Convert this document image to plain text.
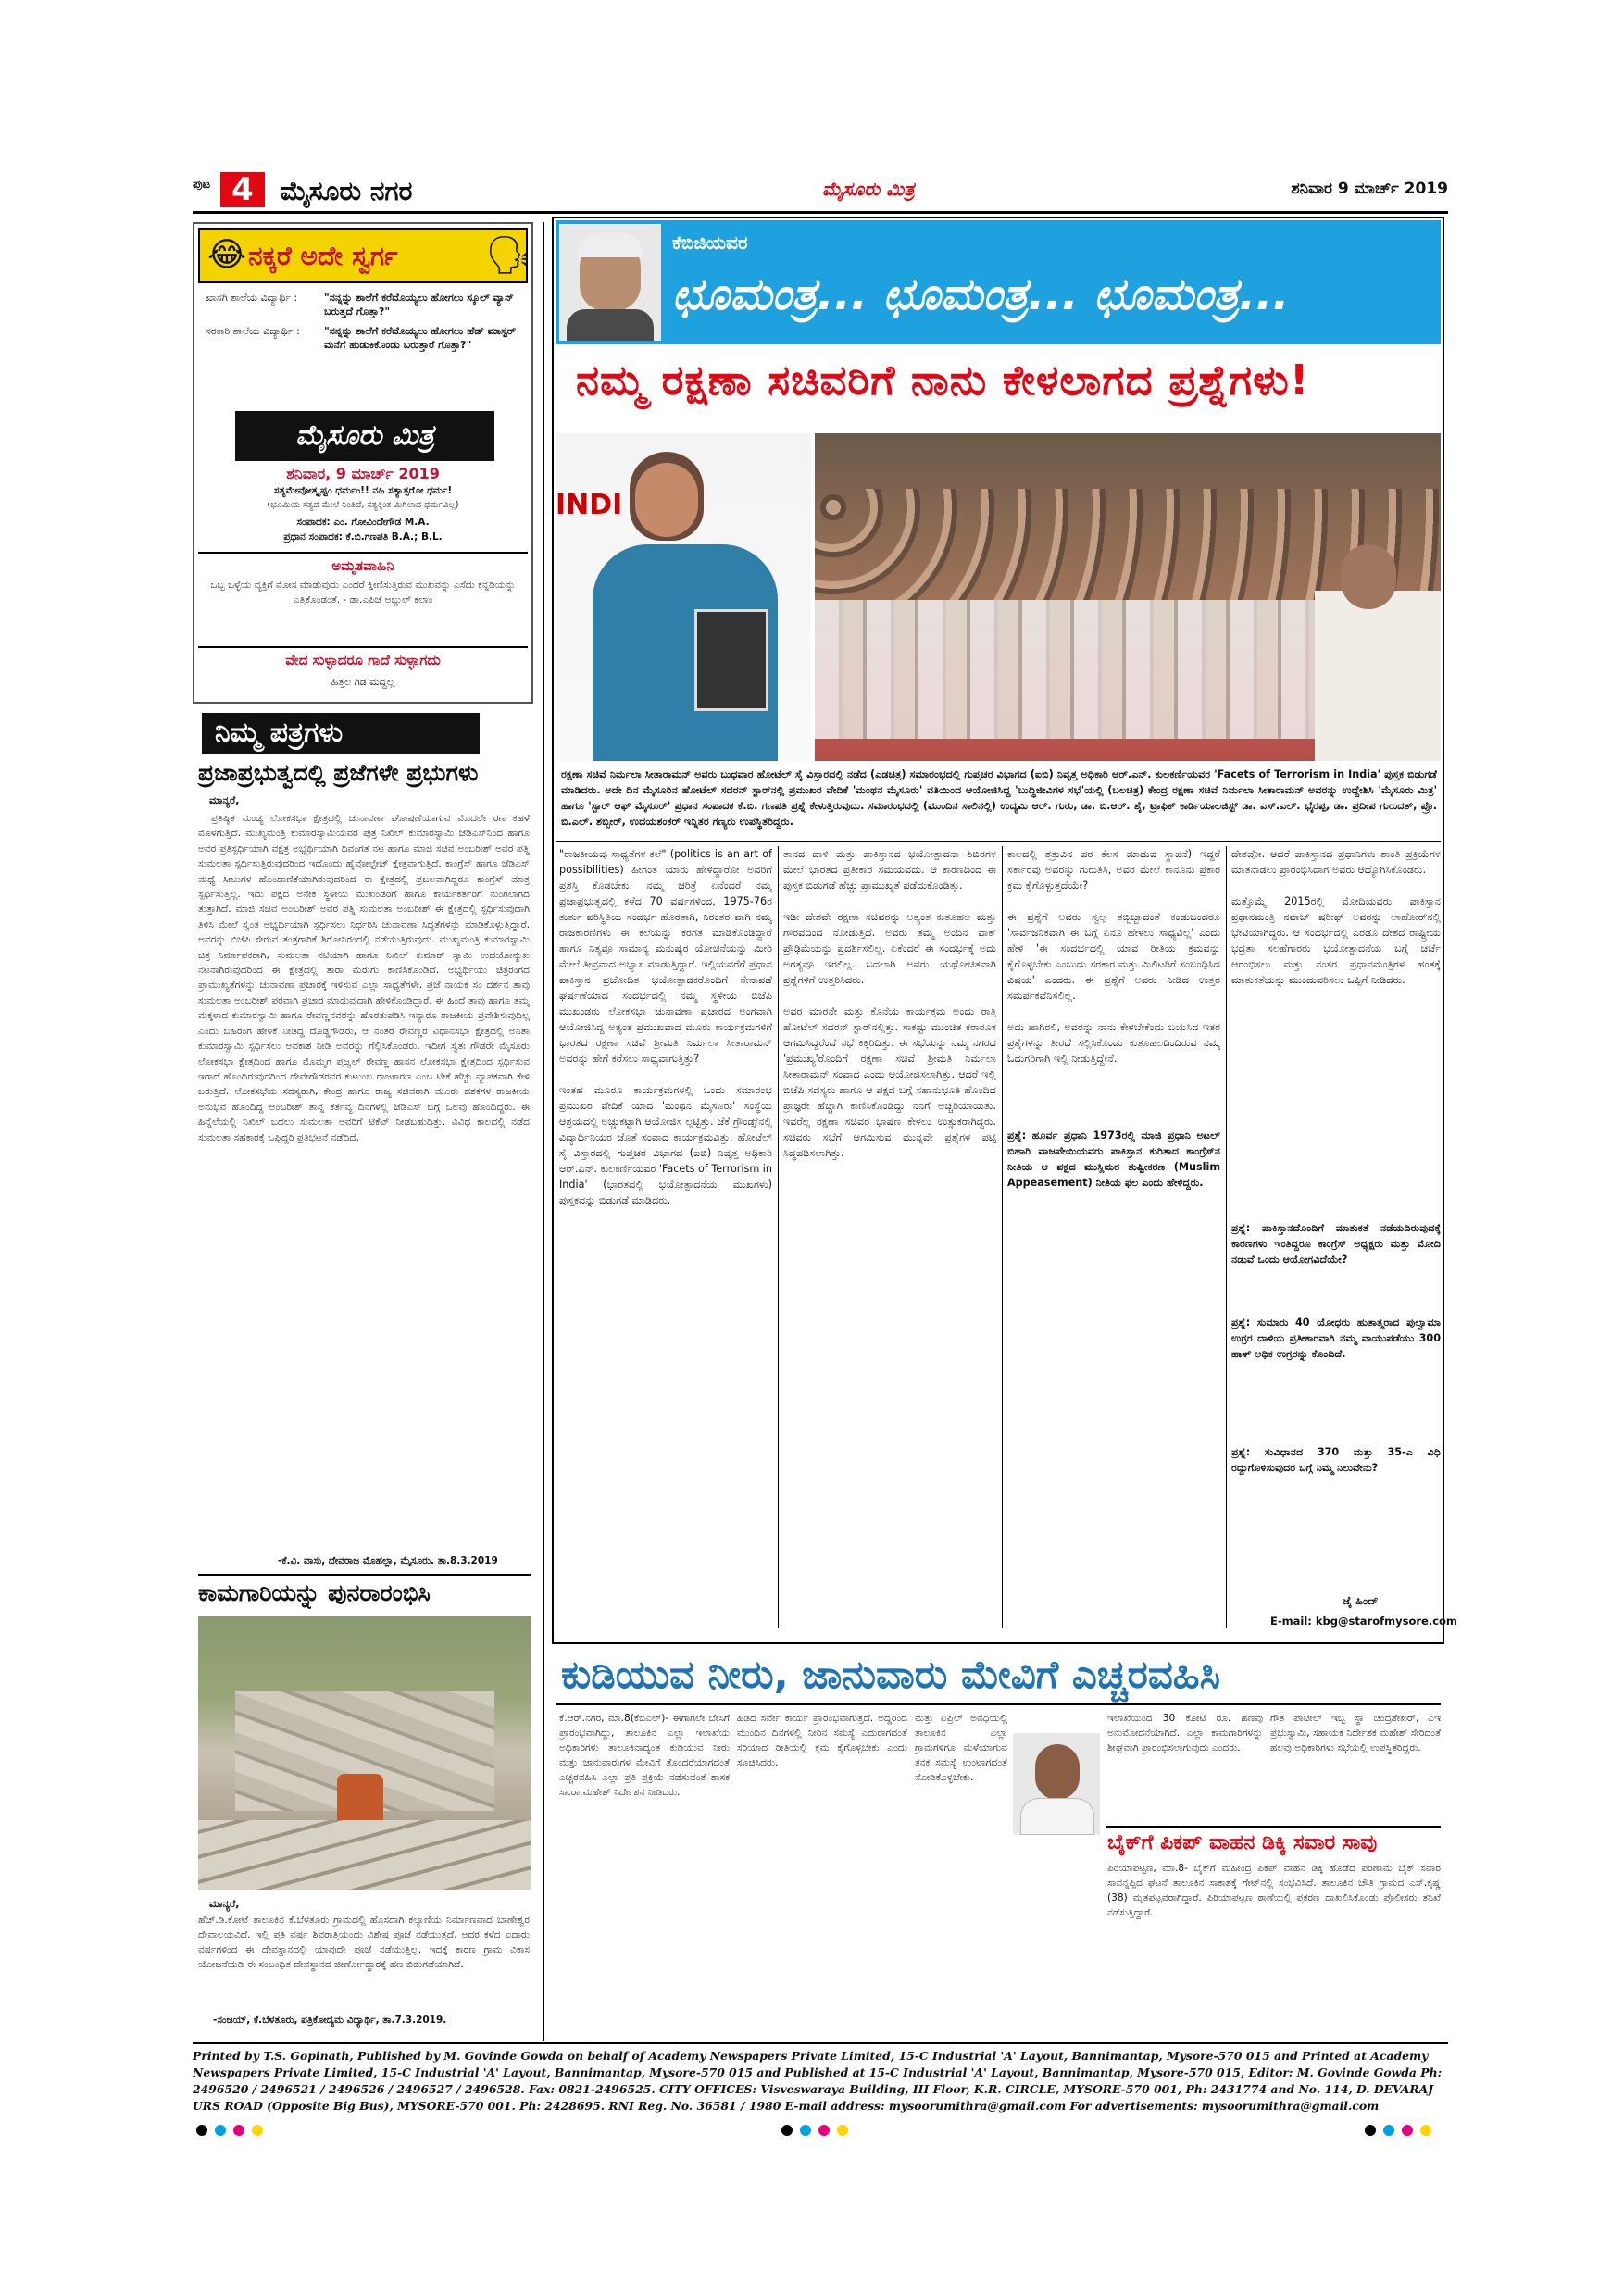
ಪುಟ 4	ಮೈಸೂರು ನಗರ	ಮೈಸೂರು ಮಿತ್ರ	ಶನಿವಾರ 9 ಮಾರ್ಚ್ 2019
😂 ನಕ್ಕರೆ ಅದೇ ಸ್ವರ್ಗ 🗣
ಖಾಸಗಿ ಶಾಲೆಯ ವಿದ್ಯಾರ್ಥಿ :	"ನನ್ನನ್ನು ಶಾಲೆಗೆ ಕರೆದೊಯ್ಯಲು ಹೋಗಲು ಸ್ಕೂಲ್ ವ್ಯಾನ್ ಬರುತ್ತದೆ ಗೊತ್ತಾ?"
ಸರಕಾರಿ ಶಾಲೆಯ ವಿದ್ಯಾರ್ಥಿ :	"ನನ್ನನ್ನು ಶಾಲೆಗೆ ಕರೆದೊಯ್ಯಲು ಹೋಗಲು ಹೆಡ್ ಮಾಸ್ಟರ್ ಮನೆಗೆ ಹುಡುಕಿಕೊಂಡು ಬರುತ್ತಾರೆ ಗೊತ್ತಾ?"
ಮೈಸೂರು ಮಿತ್ರ
ಶನಿವಾರ, 9 ಮಾರ್ಚ್ 2019
ಸತ್ಯಮೇವೋತ್ಕೃಷ್ಟಂ ಧರ್ಮಂ!! ನಹಿ ಸತ್ಯಾತ್ಪರೋ ಧರ್ಮ!
(ಭೂಮಿಯ ಸತ್ಯದ ಮೇಲೆ ನಿಂತಿದೆ, ಸತ್ಯಕ್ಕಿಂತ ಮಿಗಿಲಾದ ಧರ್ಮವಿಲ್ಲ)
ಸಂಪಾದಕ: ಎಂ. ಗೋವಿಂದೇಗೌಡ M.A.
ಪ್ರಧಾನ ಸಂಪಾದಕ: ಕೆ.ಬಿ.ಗಣಪತಿ B.A.; B.L.
ಅಮೃತವಾಹಿನಿ
ಒಬ್ಬ ಒಳ್ಳೆಯ ವ್ಯಕ್ತಿಗೆ ಮೋಸ ಮಾಡುವುದು ಎಂದರೆ ಕ್ಷೀಣಿಸುತ್ತಿರುವ ಮುಖವನ್ನು ಎಸೆದು ಕನ್ನಡಿಯನ್ನು ಎತ್ತಿಕೊಂಡಂತೆ. - ಡಾ.ಎಪಿಜೆ ಅಬ್ದುಲ್ ಕಲಾಂ
ವೇದ ಸುಳ್ಳಾದರೂ ಗಾದೆ ಸುಳ್ಳಾಗದು
ಹಿತ್ತಲ ಗಿಡ ಮದ್ದಲ್ಲ
ನಿಮ್ಮ ಪತ್ರಗಳು
ಪ್ರಜಾಪ್ರಭುತ್ವದಲ್ಲಿ ಪ್ರಜೆಗಳೇ ಪ್ರಭುಗಳು
ಮಾನ್ಯರೆ,
ಪ್ರತಿಷ್ಠಿತ ಮಂಡ್ಯ ಲೋಕಸಭಾ ಕ್ಷೇತ್ರದಲ್ಲಿ ಚುನಾವಣಾ ಘೋಷಣೆಯಾಗುವ ಮೊದಲೇ ರಣ ಕಹಳೆ ಮೊಳಗುತ್ತಿದೆ. ಮುಖ್ಯಮಂತ್ರಿ ಕುಮಾರಸ್ವಾಮಿಯವರ ಪುತ್ರ ನಿಖಿಲ್ ಕುಮಾರಸ್ವಾಮಿ ಜೆಡಿಎಸ್‌ನಿಂದ ಹಾಗೂ ಅವರ ಪ್ರತಿಸ್ಪರ್ಧಿಯಾಗಿ ವಕ್ಷತ್ರ ಅಭ್ಯರ್ಥಿಯಾಗಿ ದಿವಂಗತ ನಟ ಹಾಗೂ ಮಾಜಿ ಸಚಿವ ಅಂಬರೀಶ್ ಅವರ ಪತ್ನಿ ಸುಮಲತಾ ಸ್ಪರ್ಧಿಸುತ್ತಿರುವುದರಿಂದ ಇದೊಂದು ಹೈವೋಲ್ಟೇಜ್ ಕ್ಷೇತ್ರವಾಗುತ್ತಿದೆ. ಕಾಂಗ್ರೆಸ್ ಹಾಗೂ ಜೆಡಿಎಸ್ ಮಧ್ಯೆ ಸೀಟುಗಳ ಹೊಂದಾಣಿಕೆಯಾಗಿರುವುದರಿಂದ ಈ ಕ್ಷೇತ್ರದಲ್ಲಿ ಪ್ರಬಲವಾಗಿದ್ದರೂ ಕಾಂಗ್ರೆಸ್ ಮಾತ್ರ ಸ್ಪರ್ಧಿಸುತ್ತಿಲ್ಲ. ಇದು ಪಕ್ಷದ ಅನೇಕ ಸ್ಥಳೀಯ ಮುಖಂಡರಿಗೆ ಹಾಗೂ ಕಾರ್ಯಕರ್ತರಿಗೆ ನುಂಗಲಾಗದ ತುತ್ತಾಗಿದೆ. ಮಾಜಿ ಸಚಿವ ಅಂಬರೀಶ್ ಅವರ ಪತ್ನಿ ಸುಮಲತಾ ಅಂಬರೀಶ್ ಈ ಕ್ಷೇತ್ರದಲ್ಲಿ ಸ್ಪರ್ಧಿಸುವುದಾಗಿ ತಿಳಿಸಿ ಮೇಲೆ ಸ್ವಂತ ಅಭ್ಯರ್ಥಿಯಾಗಿ ಸ್ಪರ್ಧಿಸಲು ನಿರ್ಧರಿಸಿ ಚುನಾವಣಾ ಸಿದ್ಧತೆಗಳನ್ನು ಮಾಡಿಕೊಳ್ಳುತ್ತಿದ್ದಾರೆ. ಅವರನ್ನು ಬಿಜೆಪಿ ಸೇರುವ ತಂತ್ರಗಾರಿಕೆ ಶಿರೋನಿರಂದಲ್ಲಿ ನಡೆಯುತ್ತಿರುವುದು. ಮುಖ್ಯಮಂತ್ರಿ ಕುಮಾರಸ್ವಾಮಿ ಚಿತ್ರ ನಿರ್ಮಾಪಕರಾಗಿ, ಸುಮಲತಾ ನಟಿಯಾಗಿ ಹಾಗೂ ನಿಖಿಲ್ ಕುಮಾರ್ ಸ್ವಾಮಿ ಉದಯೋನ್ಮುಖ ನಟನಾಗಿರುವುದರಿಂದ ಈ ಕ್ಷೇತ್ರದಲ್ಲಿ ತಾರಾ ಮೆರುಗು ಕಾಣಿಸಿಕೊಂಡಿದೆ. ಅಭ್ಯರ್ಥಿಯು ಚಿತ್ರರಂಗದ ಪ್ರಾಮುಖ್ಯತೆಗಳನ್ನು ಚುನಾವಣಾ ಪ್ರಚಾರಕ್ಕೆ ಇಳಿಸುವ ಎಲ್ಲಾ ಸಾಧ್ಯತೆಗಳೇ. ಪ್ರಜೆ ನಾಯಕ ಸಂ ದರ್ಶನ ತಾವು ಸುಮಲತಾ ಅಂಬರೀಶ್ ಪರವಾಗಿ ಪ್ರಚಾರ ಮಾಡುವುದಾಗಿ ಹೇಳಿಕೊಂಡಿದ್ದಾರೆ. ಈ ಹಿಂದೆ ತಾವು ಹಾಗೂ ತಮ್ಮ ಮಕ್ಕಳಾದ ಕುಮಾರಸ್ವಾಮಿ ಹಾಗೂ ರೇವಣ್ಣನವರನ್ನು ಹೊರತುಪಡಿಸಿ ಇನ್ಯಾರೂ ರಾಜಕೀಯ ಪ್ರವೇಶಿಸುವುದಿಲ್ಲ ಎಂದು ಬಹಿರಂಗ ಹೇಳಿಕೆ ನೀಡಿದ್ದ ದೊಡ್ಡಗೌಡರು, ಆ ನಂತರ ರೇವಣ್ಣರ ವಿಧಾನಸಭಾ ಕ್ಷೇತ್ರದಲ್ಲಿ ಅನಿತಾ ಕುಮಾರಸ್ವಾಮಿ ಸ್ಪರ್ಧಿಸಲು ಅವಕಾಶ ನೀಡಿ ಅವರನ್ನು ಗೆಲ್ಲಿಸಿಕೊಂಡರು. ಇದೀಗ ಸ್ವತಃ ಗೌಡರೇ ಮೈಸೂರು ಲೋಕಸಭಾ ಕ್ಷೇತ್ರದಿಂದ ಹಾಗೂ ಮೊಮ್ಮಗ ಪ್ರಜ್ವಲ್ ರೇವಣ್ಣ ಹಾಸನ ಲೋಕಸಭಾ ಕ್ಷೇತ್ರದಿಂದ ಸ್ಪರ್ಧಿಸುವ ಇರಾದೆ ಹೊಂದಿರುವುದರಿಂದ ದೇವೇಗೌಡರವರ ಕುಟುಂಬ ರಾಜಕಾರಣ ಎಂಬ ಟೀಕೆ ಹೆಚ್ಚು ವ್ಯಾಪಕವಾಗಿ ಕೇಳಿ ಬರುತ್ತಿದೆ. ಲೋಕಸಭೆಯ ಸದಸ್ಯರಾಗಿ, ಕೇಂದ್ರ ಹಾಗೂ ರಾಜ್ಯ ಸಚಿವರಾಗಿ ಮೂರು ದಶಕಗಳ ರಾಜಕೀಯ ಅನುಭವ ಹೊಂದಿದ್ದ ಅಂಬರೀಶ್ ತಾನ್ನ ಕರ್ತವ್ಯ ದಿನಗಳಲ್ಲಿ ಜೆಡಿಎಸ್ ಬಗ್ಗೆ ಒಲವು ಹೊಂದಿದ್ದರು. ಈ ಹಿನ್ನೆಲೆಯಲ್ಲಿ ನಿಖಿಲ್ ಬದಲು ಸುಮಲತಾ ಅವರಿಗೆ ಟಿಕೆಟ್ ನೀಡಬಹುದಿತ್ತು. ವಿವಿಧ ಕಾಲದಲ್ಲಿ ನಡೆದ ಸುಮಲತಾ ಸಹಕಾರಕ್ಕೆ ಒಪ್ಪಿದ್ದರಿ ಪ್ರತಿಭಟನೆ ನಡೆದಿದೆ.
-ಕೆ.ವಿ. ವಾಸು, ದೇವರಾಜ ಮೊಹಲ್ಲಾ, ಮೈಸೂರು. ತಾ.8.3.2019
ಕಾಮಗಾರಿಯನ್ನು ಪುನರಾರಂಭಿಸಿ
ಮಾನ್ಯರೆ,
ಹೆಚ್.ಡಿ.ಕೋಟೆ ತಾಲೂಕಿನ ಕೆ.ಬೆಳತೂರು ಗ್ರಾಮದಲ್ಲಿ ಹೊಸದಾಗಿ ಕಲ್ಯಾಣಿಯ ನಿರ್ಮಾಣವಾದ ಬಾಣೇಶ್ವರ ದೇವಾಲಯವಿದೆ. ಇಲ್ಲಿ ಪ್ರತಿ ವರ್ಷ ಶಿವರಾತ್ರಿಯಂದು ವಿಶೇಷ ಪೂಜೆ ನಡೆಯುತ್ತದೆ. ಅದರ ಕಳೆದ ಐದಾರು ವರ್ಷಗಳಿಂದ ಈ ದೇವಸ್ಥಾನದಲ್ಲಿ ಯಾವುದೇ ಪೂಜೆ ನಡೆಯುತ್ತಿಲ್ಲ. ಇದಕ್ಕೆ ಕಾರಣ ಗ್ರಾಮ ವಿಕಾಸ ಯೋಜನೆಯಡಿ ಈ ಸಂಬಂಧಿತ ದೇವಸ್ಥಾನದ ಜೀರ್ಣೋದ್ಧಾರಕ್ಕೆ ಹಣ ಬಿಡುಗಡೆಯಾಗಿದೆ.
-ಸಂಜಯ್, ಕೆ.ಬೆಳತೂರು, ಪತ್ರಿಕೋದ್ಯಮ ವಿದ್ಯಾರ್ಥಿ, ತಾ.7.3.2019.
ಕೆಬಿಜಿಯವರ
ಛೂಮಂತ್ರ... ಛೂಮಂತ್ರ... ಛೂಮಂತ್ರ...
ನಮ್ಮ ರಕ್ಷಣಾ ಸಚಿವರಿಗೆ ನಾನು ಕೇಳಲಾಗದ ಪ್ರಶ್ನೆಗಳು!
INDI
ರಕ್ಷಣಾ ಸಚಿವೆ ನಿರ್ಮಲಾ ಸೀತಾರಾಮನ್ ಅವರು ಬುಧವಾರ ಹೋಟೆಲ್ ಸೈ ವಿಸ್ತಾರದಲ್ಲಿ ನಡೆದ (ಎಡಚಿತ್ರ) ಸಮಾರಂಭದಲ್ಲಿ ಗುಪ್ತಚರ ವಿಭಾಗದ (ಐಬಿ) ನಿವೃತ್ತ ಅಧಿಕಾರಿ ಆರ್.ಎನ್. ಕುಲಕರ್ಣಿಯವರ 'Facets of Terrorism in India' ಪುಸ್ತಕ ಬಿಡುಗಡೆ ಮಾಡಿದರು. ಅದೇ ದಿನ ಮೈಸೂರಿನ ಹೋಟೆಲ್ ಸದರನ್ ಸ್ಟಾರ್‌ನಲ್ಲಿ ಪ್ರಮುಖರ ವೇದಿಕೆ 'ಮಂಥನ ಮೈಸೂರು' ವತಿಯಿಂದ ಆಯೋಜಿಸಿದ್ದ 'ಬುದ್ಧಿಜೀವಿಗಳ ಸಭೆ'ಯಲ್ಲಿ (ಬಲಚಿತ್ರ) ಕೇಂದ್ರ ರಕ್ಷಣಾ ಸಚಿವೆ ನಿರ್ಮಲಾ ಸೀತಾರಾಮನ್ ಅವರನ್ನು ಉದ್ದೇಶಿಸಿ 'ಮೈಸೂರು ಮಿತ್ರ' ಹಾಗೂ 'ಸ್ಟಾರ್ ಆಫ್ ಮೈಸೂರ್' ಪ್ರಧಾನ ಸಂಪಾದಕ ಕೆ.ಬಿ. ಗಣಪತಿ ಪ್ರಶ್ನೆ ಕೇಳುತ್ತಿರುವುದು. ಸಮಾರಂಭದಲ್ಲಿ (ಮುಂದಿನ ಸಾಲಿನಲ್ಲಿ) ಉದ್ಯಮಿ ಆರ್. ಗುರು, ಡಾ. ಬಿ.ಆರ್. ಶೈ, ಟ್ರಾಫಿಕ್ ಕಾರ್ಡಿಯಾಲಜಿಸ್ಟ್ ಡಾ. ಎಸ್.ಎಲ್. ಭೈರಪ್ಪ, ಡಾ. ಪ್ರದೀಪ ಗುರುದತ್, ಪ್ರೊ. ಬಿ.ಎಲ್. ಶಬ್ಬೀರ್, ಉದಯಶಂಕರ್ ಇನ್ನಿತರ ಗಣ್ಯರು ಉಪಸ್ಥಿತರಿದ್ದರು.
"ರಾಜಕೀಯವು ಸಾಧ್ಯತೆಗಳ ಕಲೆ" (politics is an art of possibilities) ಹೀಗಂತ ಯಾರು ಹೇಳಿದ್ದಾರೋ ಅವರಿಗೆ ಪ್ರಶಸ್ತಿ ಕೊಡಬೇಕು. ನಮ್ಮ ಚರಿತ್ರೆ ಏನೆಂದರೆ ನಮ್ಮ ಪ್ರಜಾಪ್ರಭುತ್ವದಲ್ಲಿ ಕಳೆದ 70 ವರ್ಷಗಳಿಂದ, 1975-76ರ ತುರ್ತು ಪರಿಸ್ಥಿತಿಯ ಸಂದರ್ಭ ಹೊರತಾಗಿ, ನಿರಂತರ ವಾಗಿ ನಮ್ಮ ರಾಜಕಾರಣಿಗಳು ಈ ಕಲೆಯನ್ನು ಕರಗತ ಮಾಡಿಕೊಂಡಿದ್ದಾರೆ ಹಾಗೂ ನಿತ್ಯವೂ ಸಾಮಾನ್ಯ ಮನುಷ್ಯರ ಯೋಚನೆಯನ್ನು ಮೀರಿ ಮೇಲೆ ತೀವ್ರವಾದ ಅಭ್ಯಾಸ ಮಾಡುತ್ತಿದ್ದಾರೆ. ಇಲ್ಲಿಯವರೆಗೆ ಪ್ರಧಾನ ಪಾಕಿಸ್ತಾನ ಪ್ರಚೋದಿತ ಭಯೋತ್ಪಾದಕರೊಂದಿಗೆ ಸೇನಾಪಡೆ ಘರ್ಷಣೆಯಾದ ಸಂದರ್ಭದಲ್ಲಿ ನಮ್ಮ ಸ್ಥಳೀಯ ಬಿಜೆಪಿ ಮುಖಂಡರು ಲೋಕಸಭಾ ಚುನಾವಣಾ ಪ್ರಚಾರದ ಅಂಗವಾಗಿ ಆಯೋಜಿಸಿದ್ದ ಅತ್ಯಂತ ಪ್ರಮುಖವಾದ ಮೂರು ಕಾರ್ಯಕ್ರಮಗಳಿಗೆ ಭಾರತದ ರಕ್ಷಣಾ ಸಚಿವೆ ಶ್ರೀಮತಿ ನಿರ್ಮಲಾ ಸೀತಾರಾಮನ್ ಅವರನ್ನು ಹೇಗೆ ಕರೆಸಲು ಸಾಧ್ಯವಾಗುತ್ತಿತ್ತು?

ಇಂತಹ ಮೂರೂ ಕಾರ್ಯಕ್ರಮಗಳಲ್ಲಿ ಒಂದು ಸಮಾರಂಭ ಪ್ರಮುಖರ ವೇದಿಕೆ ಯಾದ 'ಮಂಥನ ಮೈಸೂರು' ಸಂಸ್ಥೆಯ ಆಶ್ರಯದಲ್ಲಿ ಅಚ್ಚುಕಟ್ಟಾಗಿ ಆಯೋಜಿಸ ಲ್ಪಟ್ಟಿತ್ತು. ಜೆಕೆ ಗ್ರೌಂಡ್ಸ್‌ನಲ್ಲಿ ವಿದ್ಯಾರ್ಥಿನಿಯರ ಜೊತೆ ಸಂವಾದ ಕಾರ್ಯಕ್ರಮವಿತ್ತು. ಹೋಟೆಲ್ ಸೈ ವಿಸ್ತಾರದಲ್ಲಿ ಗುಪ್ತಚರ ವಿಭಾಗದ (ಐಬಿ) ನಿವೃತ್ತ ಅಧಿಕಾರಿ ಆರ್.ಎನ್. ಕುಲಕರ್ಣಿಯವರ 'Facets of Terrorism in India' (ಭಾರತದಲ್ಲಿ ಭಯೋತ್ಪಾದನೆಯ ಮುಖಗಳು) ಪುಸ್ತಕವನ್ನು ಬಿಡುಗಡೆ ಮಾಡಿದರು.
ತಾನದ ದಾಳಿ ಮತ್ತು ಪಾಕಿಸ್ತಾನದ ಭಯೋತ್ಪಾದನಾ ಶಿಬಿರಗಳ ಮೇಲೆ ಭಾರತದ ಪ್ರತೀಕಾರ ಸಮಯವದು. ಆ ಕಾರಣದಿಂದ ಈ ಪುಸ್ತಕ ಬಿಡುಗಡೆ ಹೆಚ್ಚು ಪ್ರಾಮುಖ್ಯತೆ ಪಡೆದುಕೊಂಡಿತ್ತು.

ಇಡೀ ದೇಶವೇ ರಕ್ಷಣಾ ಸಚಿವರನ್ನು ಅತ್ಯಂತ ಕುತೂಹಲ ಮತ್ತು ಗೌರವದಿಂದ ನೋಡುತ್ತಿದೆ. ಅವರು ತಮ್ಮ ಅಂದಿನ ವಾಕ್ ಪ್ರೌಢಿಮೆಯನ್ನು ಪ್ರದರ್ಶಿಸಲಿಲ್ಲ. ಏಕೆಂದರೆ ಈ ಸಂದರ್ಭಕ್ಕೆ ಅದು ಅಗತ್ಯವೂ ಇರಲಿಲ್ಲ. ಬದಲಾಗಿ ಅವರು ಯಥೋಚಿತವಾಗಿ ಪ್ರಶ್ನೆಗಳಿಗೆ ಉತ್ತರಿಸಿದರು.

ಅವರ ಮಾರನೇ ಮತ್ತು ಕೊನೆಯ ಕಾರ್ಯಕ್ರಮ ಅಂದು ರಾತ್ರಿ ಹೋಟೆಲ್ ಸದರನ್ ಸ್ಟಾರ್‌ನಲ್ಲಿತ್ತು. ಸಾಕಷ್ಟು ಮುಂಚಿತ ಕರಾರೂಕ ಆಗಮಿಸಿದ್ದರೆಂದೆ ಸಭೆ ಕಿಕ್ಕಿರಿದಿತ್ತು. ಈ ಸಭೆಯನ್ನು ನಮ್ಮ ನಗರದ 'ಪ್ರಮುಖ್ಯ'ರೊಂದಿಗೆ ರಕ್ಷಣಾ ಸಚಿವೆ ಶ್ರೀಮತಿ ನಿರ್ಮಲಾ ಸೀತಾರಾಮನ್ ಸಂವಾದ ಎಂದು ಆಯೋಜಿಸಲಾಗಿತ್ತು. ಆದರೆ ಇಲ್ಲಿ ಬಿಜೆಪಿ ಸದಸ್ಯರು ಹಾಗೂ ಆ ಪಕ್ಷದ ಬಗ್ಗೆ ಸಹಾನುಭೂತಿ ಹೊಂದಿದ ಪ್ರಾಜ್ಞರೇ ಹೆಚ್ಚಾಗಿ ಕಾಣಿಸಿಕೊಂಡಿದ್ದು ನನಗೆ ಅಚ್ಚರಿಯಾಯಿತು. ಇವರೆಲ್ಲ ರಕ್ಷಣಾ ಸಚಿವರ ಭಾಷಣ ಕೇಳಲು ಉತ್ಸುಕರಾಗಿದ್ದರು. ಸಚಿವರು ಸಭೆಗೆ ಆಗಮಿಸುವ ಮುನ್ನವೇ ಪ್ರಶ್ನೆಗಳ ಪಟ್ಟಿ ಸಿದ್ಧಪಡಿಸಲಾಗಿತ್ತು.
ಕಾಲದಲ್ಲಿ ಶತ್ರುವಿನ ಪರ ಕೆಲಸ ಮಾಡುವ ಸ್ಥಾಪನೆ) ಇದ್ದರೆ ಸರ್ಕಾರವು ಅವರನ್ನು ಗುರುತಿಸಿ, ಅವರ ಮೇಲೆ ಕಾನೂನು ಪ್ರಕಾರ ಕ್ರಮ ಕೈಗೊಳ್ಳುತ್ತದೆಯೇ?

ಈ ಪ್ರಶ್ನೆಗೆ ಅವರು ಸ್ವಲ್ಪ ತಬ್ಬಿಬ್ಬಾದಂತೆ ಕಂಡುಬಂದರೂ 'ಸಾರ್ವಜನಿಕವಾಗಿ ಈ ಬಗ್ಗೆ ಏನೂ ಹೇಳಲು ಸಾಧ್ಯವಿಲ್ಲ' ಎಂದು ಹೇಳಿ 'ಈ ಸಂದರ್ಭದಲ್ಲಿ ಯಾವ ರೀತಿಯ ಕ್ರಮವನ್ನು ಕೈಗೊಳ್ಳಬೇಕು ಎಂಬುದು ಸರಕಾರ ಮತ್ತು ಮಿಲಿಟರಿಗೆ ಸಂಬಂಧಿಸಿದ ವಿಷಯ' ಎಂದರು. ಈ ಪ್ರಶ್ನೆಗೆ ಅವರು ನೀಡಿದ ಉತ್ತರ ಸಮರ್ಪಕವೆನಿಸಲಿಲ್ಲ.

ಅದು ಹಾಗಿರಲಿ, ಅವರನ್ನು ನಾನು ಕೇಳಬೇಕೆಂದು ಬಯಸಿದ ಇತರ ಪ್ರಶ್ನೆಗಳನ್ನು ತೀರದೆ ಸಲ್ಲಿಸಿಕೊಂಡು ಕುತೂಹಲದಿಂದಿರುವ ನಮ್ಮ ಓದುಗರಿಗಾಗಿ ಇಲ್ಲಿ ನೀಡುತ್ತಿದ್ದೇನೆ.
ಪ್ರಶ್ನೆ: ಹೂರ್ವ ಪ್ರಧಾನಿ 1973ರಲ್ಲಿ ಮಾಜಿ ಪ್ರಧಾನಿ ಅಟಲ್ ಬಿಹಾರಿ ವಾಜಪೇಯಿಯವರು ಪಾಕಿಸ್ತಾನ ಕುರಿತಾದ ಕಾಂಗ್ರೆಸ್‌ನ ನೀತಿಯ ಆ ಪಕ್ಷದ ಮುಸ್ಲಿಮರ ತುಷ್ಟೀಕರಣ (Muslim Appeasement) ನೀತಿಯ ಫಲ ಎಂದು ಹೇಳಿದ್ದರು.
ದೇಶವೋ. ಆದರೆ ಪಾಕಿಸ್ತಾನದ ಪ್ರಧಾನಿಗಳು ಶಾಂತಿ ಪ್ರಕ್ರಿಯೆಗಳ ಮಾತನಾಡಲು ಪ್ರಾರಂಭಿಸಿದಾಗ ಅವರು ಆದ್ಯೊಗಿಸಿಕೊಂಡರು.

ಮತ್ತೊಮ್ಮೆ 2015ರಲ್ಲಿ ಮೋದಿಯವರು ಪಾಕಿಸ್ತಾನ ಪ್ರಧಾನಮಂತ್ರಿ ನವಾಜ್ ಷರೀಫ್ ಅವರನ್ನು ಲಾಹೋರ್‌ನಲ್ಲಿ ಭೇಟಿಯಾಗಿದ್ದರು. ಆ ಸಂದರ್ಭದಲ್ಲಿ ಎರಡೂ ದೇಶದ ರಾಷ್ಟ್ರೀಯ ಭದ್ರತಾ ಸಲಹೆಗಾರರು ಭಯೋತ್ಪಾದನೆಯ ಬಗ್ಗೆ ಚರ್ಚೆ ಆರಂಭಿಸಲು ಮತ್ತು ನಂತರ ಪ್ರಧಾನಮಂತ್ರಿಗಳ ಹಂತಕ್ಕೆ ಮಾತುಕತೆಯನ್ನು ಮುಂದುವರಿಸಲು ಒಪ್ಪಿಗೆ ನೀಡಿದರು.
ಪ್ರಶ್ನೆ: ಪಾಕಿಸ್ತಾನದೊಂದಿಗೆ ಮಾತುಕತೆ ನಡೆಯದಿರುವುದಕ್ಕೆ ಕಾರಣಗಳು ಇಂತಿದ್ದರೂ ಕಾಂಗ್ರೆಸ್ ಅಧ್ಯಕ್ಷರು ಮತ್ತು ಮೋದಿ ನಡುವೆ ಒಂದು ಆಯೋಗವಿದೆಯೇ?
ಪ್ರಶ್ನೆ: ಸುಮಾರು 40 ಯೋಧರು ಹುತಾತ್ಮರಾದ ಪುಲ್ವಾಮಾ ಉಗ್ರರ ದಾಳಿಯ ಪ್ರತೀಕಾರವಾಗಿ ನಮ್ಮ ವಾಯುಪಡೆಯು 300 ಹಾಳ್ ಅಧಿಕ ಉಗ್ರರನ್ನು ಕೊಂದಿದೆ.
ಪ್ರಶ್ನೆ: ಸುವಿಧಾನದ 370 ಮತ್ತು 35-ಎ ವಿಧಿ ರದ್ದುಗೊಳಿಸುವುದರ ಬಗ್ಗೆ ನಿಮ್ಮ ನಿಲುವೇನು?
ಜೈ ಹಿಂದ್
E-mail: kbg@starofmysore.com
ಕುಡಿಯುವ ನೀರು, ಜಾನುವಾರು ಮೇವಿಗೆ ಎಚ್ಚರವಹಿಸಿ
ಕೆ.ಆರ್.ನಗರ, ಮಾ.8(ಕೆಬಿಎಲ್)- ಈಗಾಗಲೇ ಬೇಸಿಗೆ ಪ್ರಾರಂಭವಾಗಿದ್ದು, ತಾಲೂಕಿನ ಎಲ್ಲಾ ಇಲಾಖೆಯ ಅಧಿಕಾರಿಗಳು ತಾಲೂಕಿನಾದ್ಯಂತ ಕುಡಿಯುವ ನೀರು ಮತ್ತು ಜಾನುವಾರುಗಳ ಮೇವಿಗೆ ತೊಂದರೆಯಾಗದಂತೆ ಎಚ್ಚರವಹಿಸಿ ಎಲ್ಲಾ ಪ್ರತಿ ಪ್ರಕ್ರಿಯೆ ನಡೆಸುವಂತೆ ಶಾಸಕ ಸಾ.ರಾ.ಮಹೇಶ್ ನಿರ್ದೇಶನ ನೀಡಿದರು.
ಹಿಡಿದ ಸರ್ವೇ ಕಾರ್ಯ ಪ್ರಾರಂಭವಾಗುತ್ತದೆ. ಅದ್ದರಿಂದ ಮುಂದಿನ ದಿನಗಳಲ್ಲಿ ನೀರಿನ ಸಮಸ್ಯೆ ಎದುರಾಗದಂತೆ ಸರಿಯಾದ ರೀತಿಯಲ್ಲಿ ಕ್ರಮ ಕೈಗೊಳ್ಳಬೇಕು ಎಂದು ಸೂಚಿಸಿದರು.
ಮತ್ತು ಏಪ್ರಿಲ್ ಅವಧಿಯಲ್ಲಿ ತಾಲೂಕಿನ ಎಲ್ಲಾ ಗ್ರಾಮಗಳಿಗೂ ಮಳೆಯಾಗುವ ತನಕ ಸಮಸ್ಯೆ ಉಂಟಾಗದಂತೆ ನೋಡಿಕೊಳ್ಳಬೇಕು.
ಇಲಾಖೆಯಿಂದ 30 ಕೋಟಿ ರೂ. ಹಣವು ಅನುಮೋದನೆಯಾಗಿದೆ. ಎಲ್ಲಾ ಕಾಮಗಾರಿಗಳನ್ನು ಶೀಘ್ರವಾಗಿ ಪ್ರಾರಂಭಿಸಲಾಗುವುದು ಎಂದರು.
ಗೌತ ಪಾಟೀಲ್ ಇಬ್ಬ ಸ್ಥಾ ಚಂದ್ರಶೇಖರ್, ಎಇ ಪ್ರಭುಸ್ವಾಮಿ, ಸಹಾಯಕ ನಿರ್ದೇಶಕ ಮಹೇಶ್ ಸೇರಿದಂತೆ ಹಲವು ಅಧಿಕಾರಿಗಳು ಸಭೆಯಲ್ಲಿ ಉಪಸ್ಥಿತರಿದ್ದರು.
ಬೈಕ್‌ಗೆ ಪಿಕಪ್ ವಾಹನ ಡಿಕ್ಕಿ ಸವಾರ ಸಾವು
ಪಿರಿಯಾಪಟ್ಟಣ, ಮಾ.8- ಬೈಕ್‌ಗೆ ಮಹೀಂದ್ರ ಪಿಕಪ್ ವಾಹನ ಡಿಕ್ಕಿ ಹೊಡೆದ ಪರಿಣಾಮ ಬೈಕ್ ಸವಾರ ಸಾವನ್ನಪ್ಪಿದ ಘಟನೆ ತಾಲೂಕಿನ ಸಾಕಾಶಕ್ಕೆ ಗೇಟ್‌ನಲ್ಲಿ ಸಂಭವಿಸಿದೆ. ತಾಲೂಕಿನ ಚೌತಿ ಗ್ರಾಮದ ಎಸ್.ಕೃಷ್ಣ (38) ಮೃತಪಟ್ಟವರಾಗಿದ್ದಾರೆ. ಪಿರಿಯಾಪಟ್ಟಣ ಠಾಣೆಯಲ್ಲಿ ಪ್ರಕರಣ ದಾಖಲಿಸಿಕೊಂಡು ಪೊಲೀಸರು ತನಿಖೆ ನಡೆಸುತ್ತಿದ್ದಾರೆ.
Printed by T.S. Gopinath, Published by M. Govinde Gowda on behalf of Academy Newspapers Private Limited, 15-C Industrial 'A' Layout, Bannimantap, Mysore-570 015 and Printed at Academy Newspapers Private Limited, 15-C Industrial 'A' Layout, Bannimantap, Mysore-570 015 and Published at 15-C Industrial 'A' Layout, Bannimantap, Mysore-570 015, Editor: M. Govinde Gowda Ph: 2496520 / 2496521 / 2496526 / 2496527 / 2496528. Fax: 0821-2496525. CITY OFFICES: Visveswaraya Building, III Floor, K.R. CIRCLE, MYSORE-570 001, Ph: 2431774 and No. 114, D. DEVARAJ URS ROAD (Opposite Big Bus), MYSORE-570 001. Ph: 2428695. RNI Reg. No. 36581 / 1980 E-mail address: mysoorumithra@gmail.com For advertisements: mysoorumithra@gmail.com
